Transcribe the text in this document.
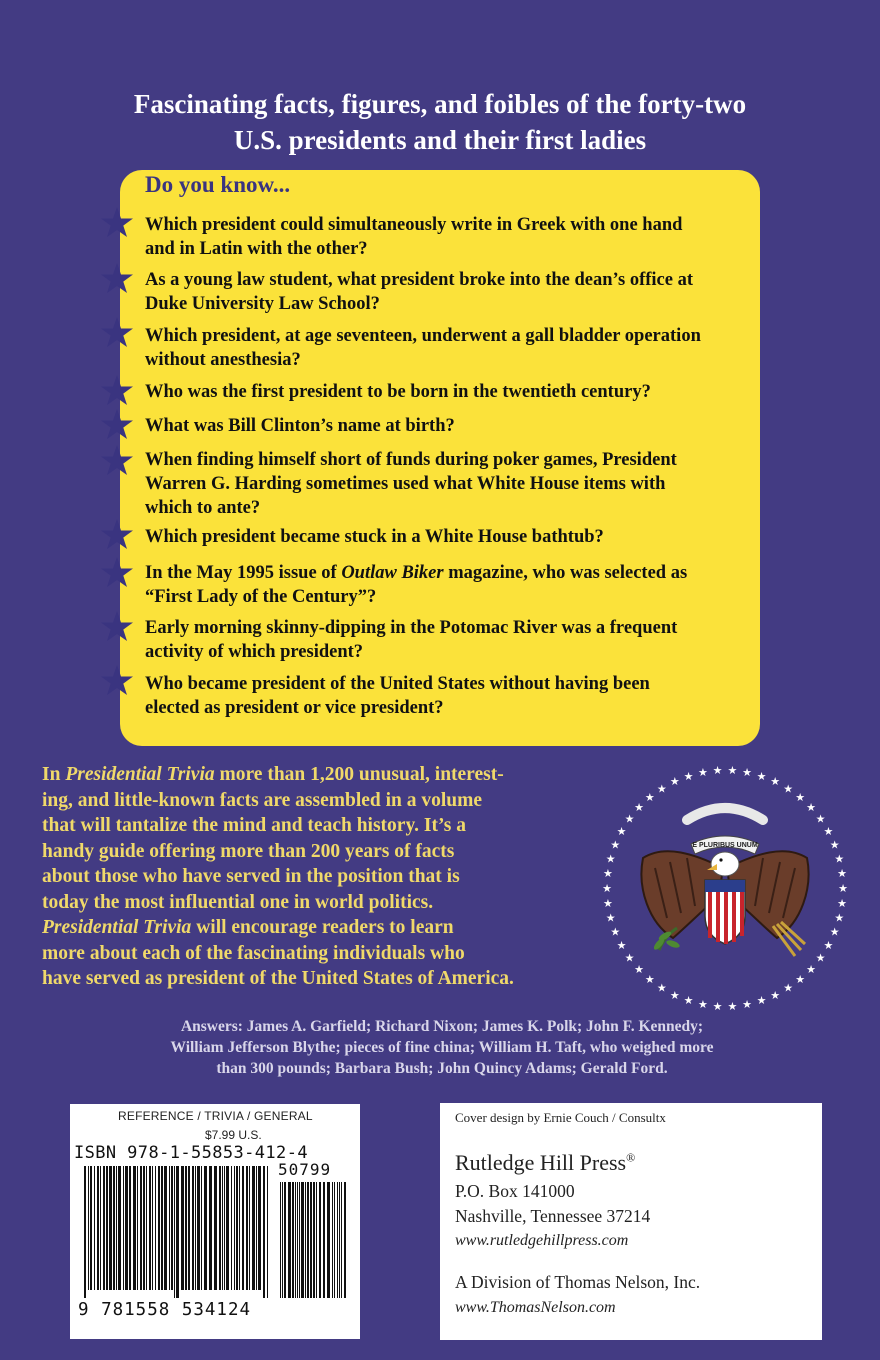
Fascinating facts, figures, and foibles of the forty-two
U.S. presidents and their first ladies
Do you know...
Which president could simultaneously write in Greek with one hand
and in Latin with the other?
As a young law student, what president broke into the dean’s office at
Duke University Law School?
Which president, at age seventeen, underwent a gall bladder operation
without anesthesia?
Who was the first president to be born in the twentieth century?
What was Bill Clinton’s name at birth?
When finding himself short of funds during poker games, President
Warren G. Harding sometimes used what White House items with
which to ante?
Which president became stuck in a White House bathtub?
In the May 1995 issue of Outlaw Biker magazine, who was selected as
“First Lady of the Century”?
Early morning skinny-dipping in the Potomac River was a frequent
activity of which president?
Who became president of the United States without having been
elected as president or vice president?
In Presidential Trivia more than 1,200 unusual, interest-
ing, and little-known facts are assembled in a volume
that will tantalize the mind and teach history. It’s a
handy guide offering more than 200 years of facts
about those who have served in the position that is
today the most influential one in world politics.
Presidential Trivia will encourage readers to learn
more about each of the fascinating individuals who
have served as president of the United States of America.
★
★
★
★
★
★
★
★
★
★
★
★
★
★
★
★
★
★
★
★
★
★
★
★
★
★
★
★
★
★
★
★
★
★
★ ★ ★ ★ ★ ★ ★ ★
★
★
★
★
★
★
★
★
E PLURIBUS UNUM
Answers: James A. Garfield; Richard Nixon; James K. Polk; John F. Kennedy;
William Jefferson Blythe; pieces of fine china; William H. Taft, who weighed more
than 300 pounds; Barbara Bush; John Quincy Adams; Gerald Ford.
REFERENCE / TRIVIA / GENERAL
$7.99 U.S.
ISBN 978-1-55853-412-4
50799
9 781558 534124
Cover design by Ernie Couch / Consultx
Rutledge Hill Press®
P.O. Box 141000
Nashville, Tennessee 37214
www.rutledgehillpress.com
A Division of Thomas Nelson, Inc.
www.ThomasNelson.com
